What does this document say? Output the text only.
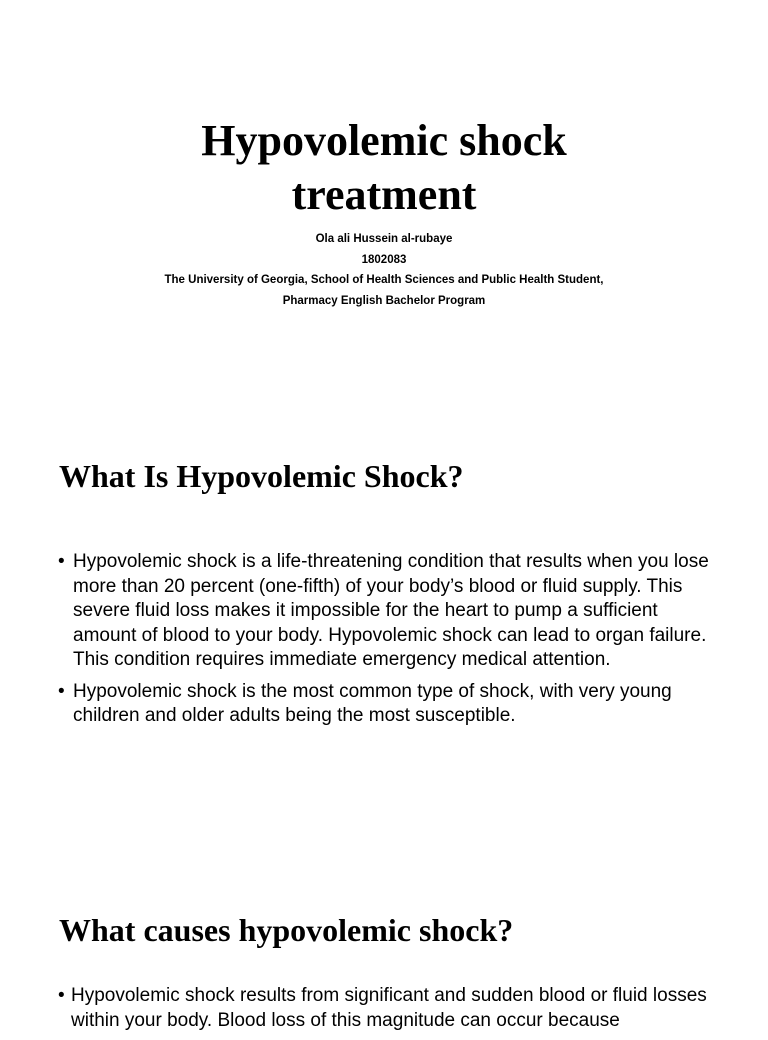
Hypovolemic shock
treatment
Ola ali Hussein al-rubaye
1802083
The University of Georgia, School of Health Sciences and Public Health Student,
Pharmacy English Bachelor Program
What Is Hypovolemic Shock?
• Hypovolemic shock is a life-threatening condition that results when you lose more than 20 percent (one-fifth) of your body’s blood or fluid supply. This severe fluid loss makes it impossible for the heart to pump a sufficient amount of blood to your body. Hypovolemic shock can lead to organ failure. This condition requires immediate emergency medical attention.
• Hypovolemic shock is the most common type of shock, with very young children and older adults being the most susceptible.
What causes hypovolemic shock?
• Hypovolemic shock results from significant and sudden blood or fluid losses within your body. Blood loss of this magnitude can occur because
